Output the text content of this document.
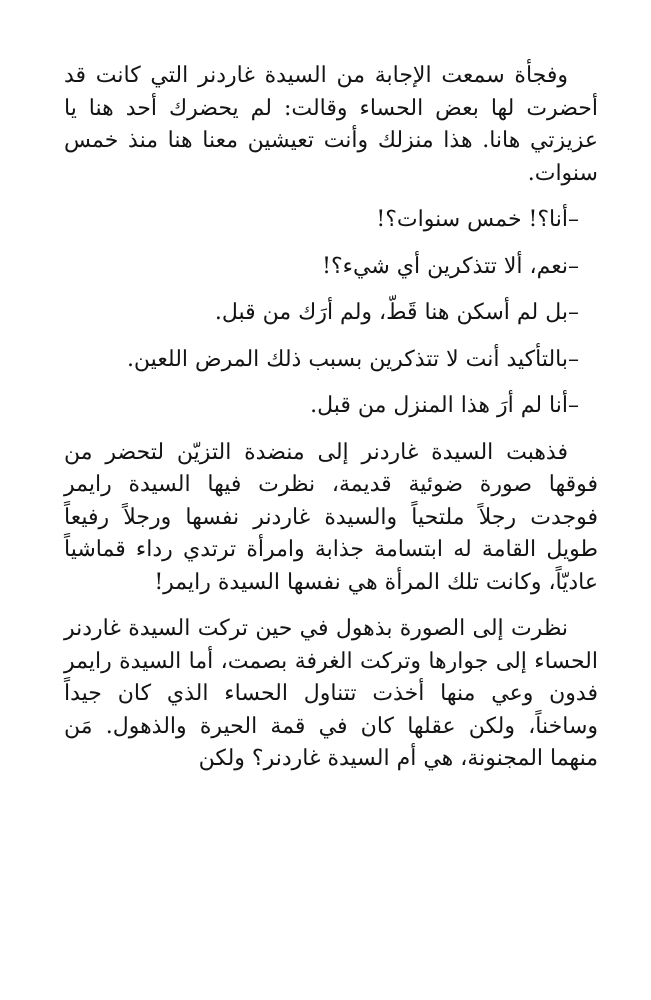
وفجأة سمعت الإجابة من السيدة غاردنر التي كانت قد أحضرت لها بعض الحساء وقالت: لم يحضرك أحد هنا يا عزيزتي هانا. هذا منزلك وأنت تعيشين معنا هنا منذ خمس سنوات.

–أنا؟! خمس سنوات؟!

–نعم، ألا تتذكرين أي شيء؟!

–بل لم أسكن هنا قَطّ، ولم أرَك من قبل.

–بالتأكيد أنت لا تتذكرين بسبب ذلك المرض اللعين.

–أنا لم أرَ هذا المنزل من قبل.

فذهبت السيدة غاردنر إلى منضدة التزيّن لتحضر من فوقها صورة ضوئية قديمة، نظرت فيها السيدة رايمر فوجدت رجلاً ملتحياً والسيدة غاردنر نفسها ورجلاً رفيعاً طويل القامة له ابتسامة جذابة وامرأة ترتدي رداء قماشياً عاديّاً، وكانت تلك المرأة هي نفسها السيدة رايمر!

نظرت إلى الصورة بذهول في حين تركت السيدة غاردنر الحساء إلى جوارها وتركت الغرفة بصمت، أما السيدة رايمر فدون وعي منها أخذت تتناول الحساء الذي كان جيداً وساخناً، ولكن عقلها كان في قمة الحيرة والذهول. مَن منهما المجنونة، هي أم السيدة غاردنر؟ ولكن
